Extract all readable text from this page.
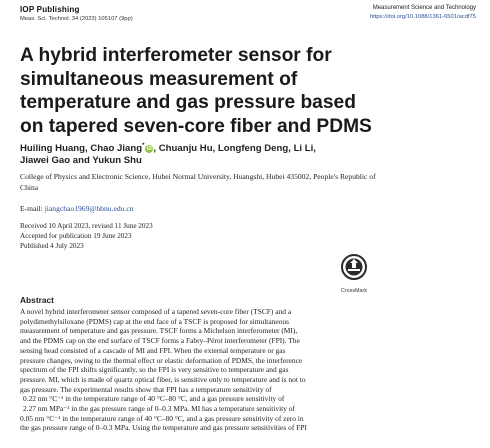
IOP Publishing
Meas. Sci. Technol. 34 (2023) 105107 (9pp)
Measurement Science and Technology
https://doi.org/10.1088/1361-6501/acdf75
A hybrid interferometer sensor for
simultaneous measurement of
temperature and gas pressure based
on tapered seven-core fiber and PDMS
Huiling Huang, Chao Jiang*iD , Chuanju Hu, Longfeng Deng, Li Li,
Jiawei Gao and Yukun Shu
College of Physics and Electronic Science, Hubei Normal University, Huangshi, Hubei 435002, People's Republic of China
E-mail: jiangchao1969@hbnu.edu.cn
Received 10 April 2023, revised 11 June 2023
Accepted for publication 19 June 2023
Published 4 July 2023
CrossMark
Abstract
A novel hybrid interferometer sensor composed of a tapered seven-core fiber (TSCF) and a
polydimethylsiloxane (PDMS) cap at the end face of a TSCF is proposed for simultaneous
measurement of temperature and gas pressure. TSCF forms a Michelson interferometer (MI),
and the PDMS cap on the end surface of TSCF forms a Fabry–Pérot interferometer (FPI). The
sensing head consisted of a cascade of MI and FPI. When the external temperature or gas
pressure changes, owing to the thermal effect or elastic deformation of PDMS, the interference
spectrum of the FPI shifts significantly, so the FPI is very sensitive to temperature and gas
pressure. MI, which is made of quartz optical fiber, is sensitive only to temperature and is not to
gas pressure. The experimental results show that FPI has a temperature sensitivity of
0.22 nm °C⁻¹ in the temperature range of 40 °C–80 °C, and a gas pressure sensitivity of
2.27 nm MPa⁻¹ in the gas pressure range of 0–0.3 MPa. MI has a temperature sensitivity of
0.05 nm °C⁻¹ in the temperature range of 40 °C–80 °C, and a gas pressure sensitivity of zero in
the gas pressure range of 0–0.3 MPa. Using the temperature and gas pressure sensitivities of FPI
